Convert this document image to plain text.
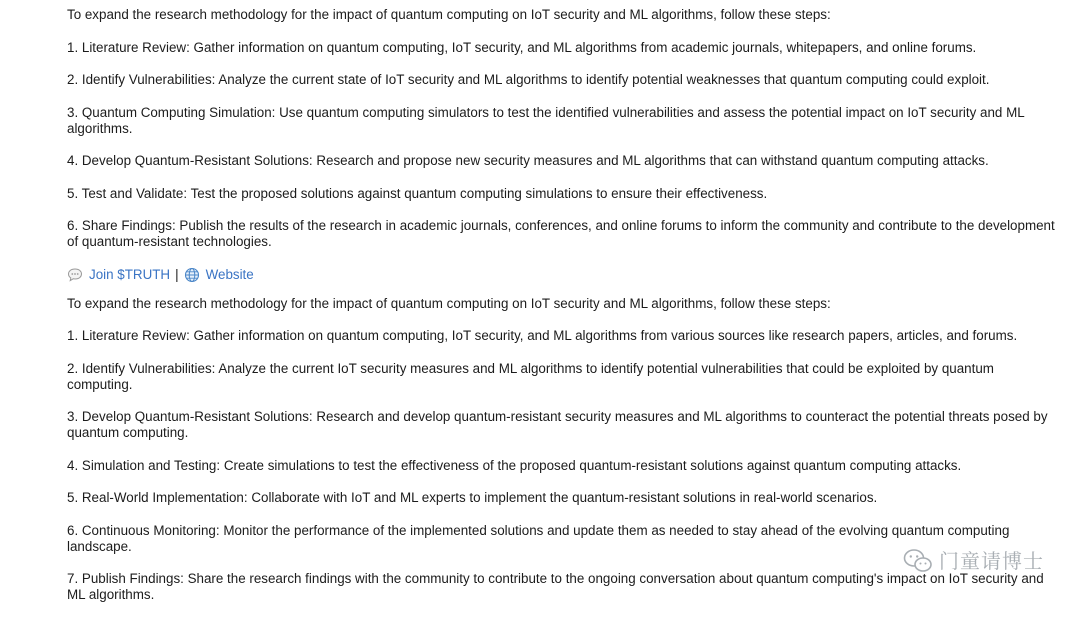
To expand the research methodology for the impact of quantum computing on IoT security and ML algorithms, follow these steps:

1. Literature Review: Gather information on quantum computing, IoT security, and ML algorithms from academic journals, whitepapers, and online forums.

2. Identify Vulnerabilities: Analyze the current state of IoT security and ML algorithms to identify potential weaknesses that quantum computing could exploit.

3. Quantum Computing Simulation: Use quantum computing simulators to test the identified vulnerabilities and assess the potential impact on IoT security and ML algorithms.

4. Develop Quantum-Resistant Solutions: Research and propose new security measures and ML algorithms that can withstand quantum computing attacks.

5. Test and Validate: Test the proposed solutions against quantum computing simulations to ensure their effectiveness.

6. Share Findings: Publish the results of the research in academic journals, conferences, and online forums to inform the community and contribute to the development of quantum-resistant technologies.

Join $TRUTH | Website

To expand the research methodology for the impact of quantum computing on IoT security and ML algorithms, follow these steps:

1. Literature Review: Gather information on quantum computing, IoT security, and ML algorithms from various sources like research papers, articles, and forums.

2. Identify Vulnerabilities: Analyze the current IoT security measures and ML algorithms to identify potential vulnerabilities that could be exploited by quantum computing.

3. Develop Quantum-Resistant Solutions: Research and develop quantum-resistant security measures and ML algorithms to counteract the potential threats posed by quantum computing.

4. Simulation and Testing: Create simulations to test the effectiveness of the proposed quantum-resistant solutions against quantum computing attacks.

5. Real-World Implementation: Collaborate with IoT and ML experts to implement the quantum-resistant solutions in real-world scenarios.

6. Continuous Monitoring: Monitor the performance of the implemented solutions and update them as needed to stay ahead of the evolving quantum computing landscape.

7. Publish Findings: Share the research findings with the community to contribute to the ongoing conversation about quantum computing's impact on IoT security and ML algorithms.

门童请博士
